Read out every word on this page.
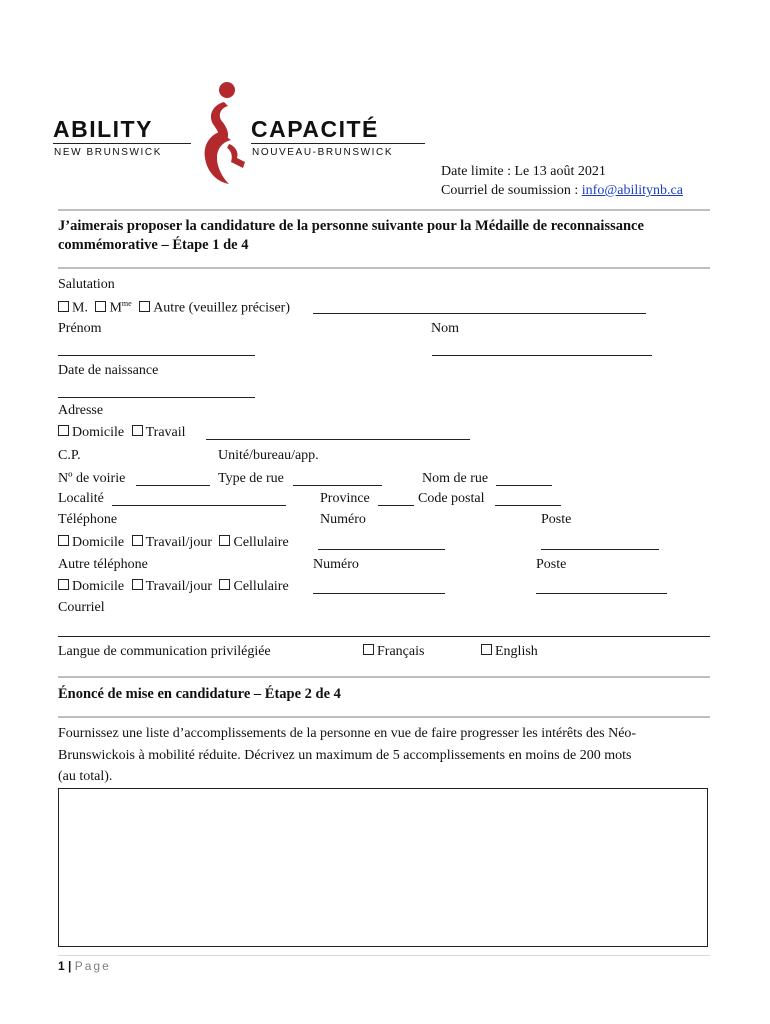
ABILITY
NEW BRUNSWICK
CAPACITÉ
NOUVEAU-BRUNSWICK
Date limite : Le 13 août 2021
Courriel de soumission : info@abilitynb.ca
J’aimerais proposer la candidature de la personne suivante pour la Médaille de reconnaissance
commémorative – Étape 1 de 4
Salutation
M. $M^{me}$ Autre (veuillez préciser)
Prénom	Nom
Date de naissance
Adresse
Domicile Travail
C.P.	Unité/bureau/app.
Nº de voirie	Type de rue	Nom de rue
Localité	Province	Code postal
Téléphone	Numéro	Poste
Domicile Travail/jour Cellulaire
Autre téléphone	Numéro	Poste
Domicile Travail/jour Cellulaire
Courriel
Langue de communication privilégiée	Français	English
Énoncé de mise en candidature – Étape 2 de 4
Fournissez une liste d’accomplissements de la personne en vue de faire progresser les intérêts des Néo-
Brunswickois à mobilité réduite. Décrivez un maximum de 5 accomplissements en moins de 200 mots
(au total).
1 | Page
